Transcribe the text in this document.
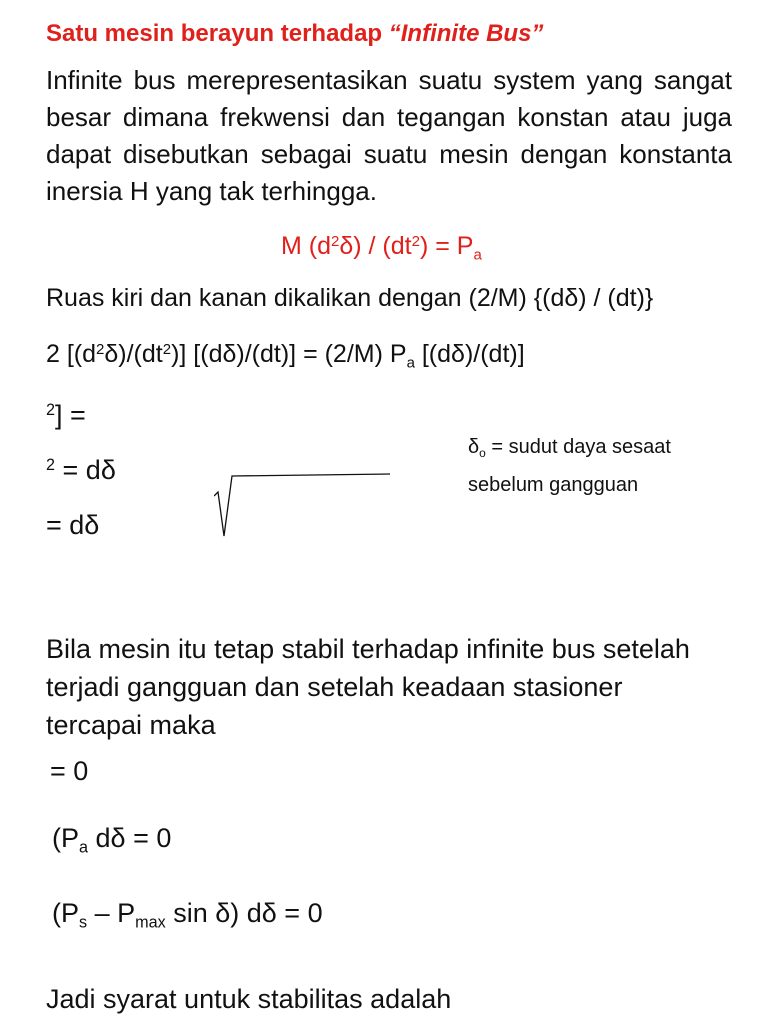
Satu mesin berayun terhadap “Infinite Bus”
Infinite bus merepresentasikan suatu system yang sangat besar dimana frekwensi dan tegangan konstan atau juga dapat disebutkan sebagai suatu mesin dengan konstanta inersia H yang tak terhingga.
M $(d^2\delta) / (dt^2) = P_a$
Ruas kiri dan kanan dikalikan dengan (2/M) {(dδ) / (dt)}
2 $[(d^2\delta)/(dt^2)] [(d\delta)/(dt)] = (2/M)$ $P_a$ [(dδ)/(dt)]
$^2$] =
$^2$ = dδ
= dδ
$\delta_o$ = sudut daya sesaat
sebelum gangguan
Bila mesin itu tetap stabil terhadap infinite bus setelah terjadi gangguan dan setelah keadaan stasioner tercapai maka
= 0
($P_a$ dδ = 0
($P_s - P_{max}$ sin δ) dδ = 0
Jadi syarat untuk stabilitas adalah
